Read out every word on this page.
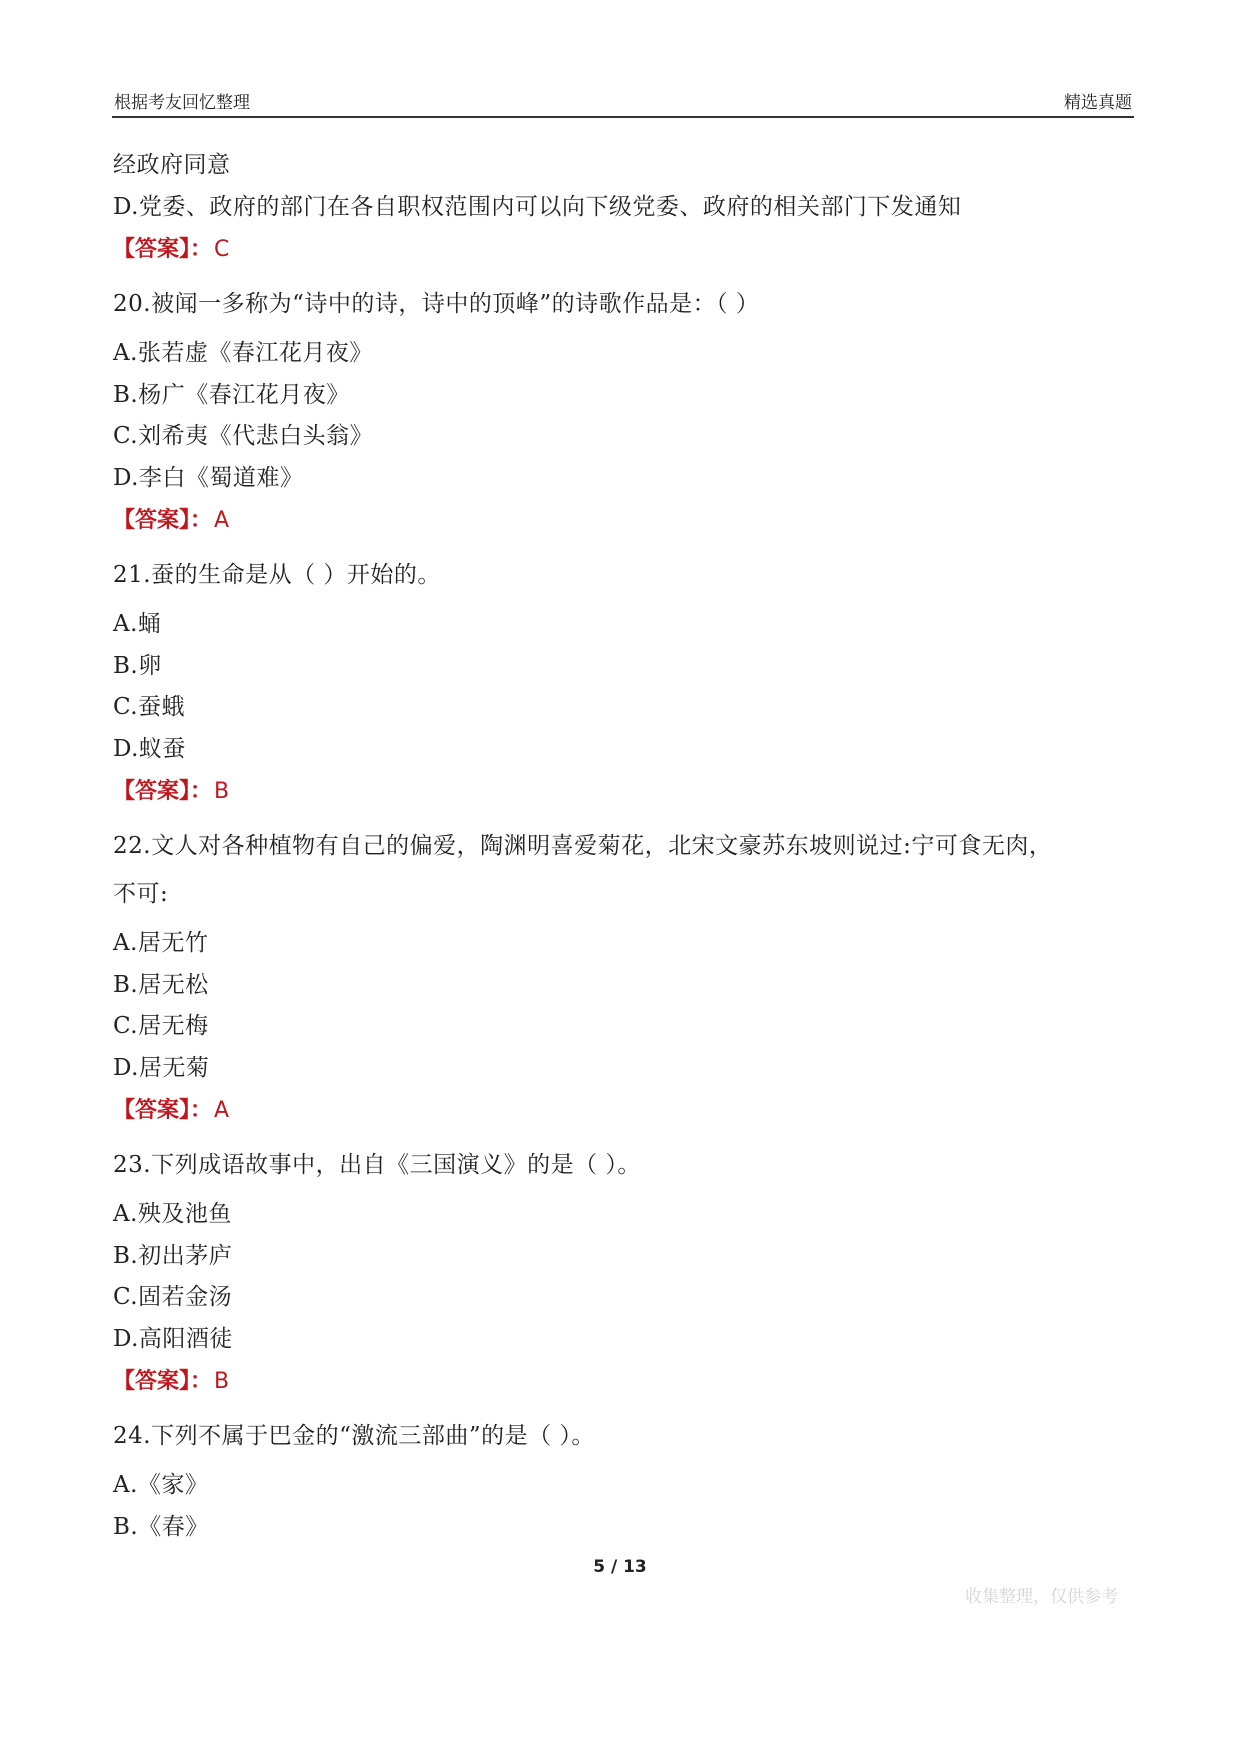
根据考友回忆整理	精选真题
经政府同意
D.党委、政府的部门在各自职权范围内可以向下级党委、政府的相关部门下发通知
【答案】：C
20.被闻一多称为“诗中的诗，诗中的顶峰”的诗歌作品是：（ ）
A.张若虚《春江花月夜》
B.杨广《春江花月夜》
C.刘希夷《代悲白头翁》
D.李白《蜀道难》
【答案】：A
21.蚕的生命是从（ ）开始的。
A.蛹
B.卵
C.蚕蛾
D.蚁蚕
【答案】：B
22.文人对各种植物有自己的偏爱，陶渊明喜爱菊花，北宋文豪苏东坡则说过:宁可食无肉，
不可:
A.居无竹
B.居无松
C.居无梅
D.居无菊
【答案】：A
23.下列成语故事中，出自《三国演义》的是（ ）。
A.殃及池鱼
B.初出茅庐
C.固若金汤
D.高阳酒徒
【答案】：B
24.下列不属于巴金的“激流三部曲”的是（ ）。
A.《家》
B.《春》
5 / 13
收集整理，仅供参考
